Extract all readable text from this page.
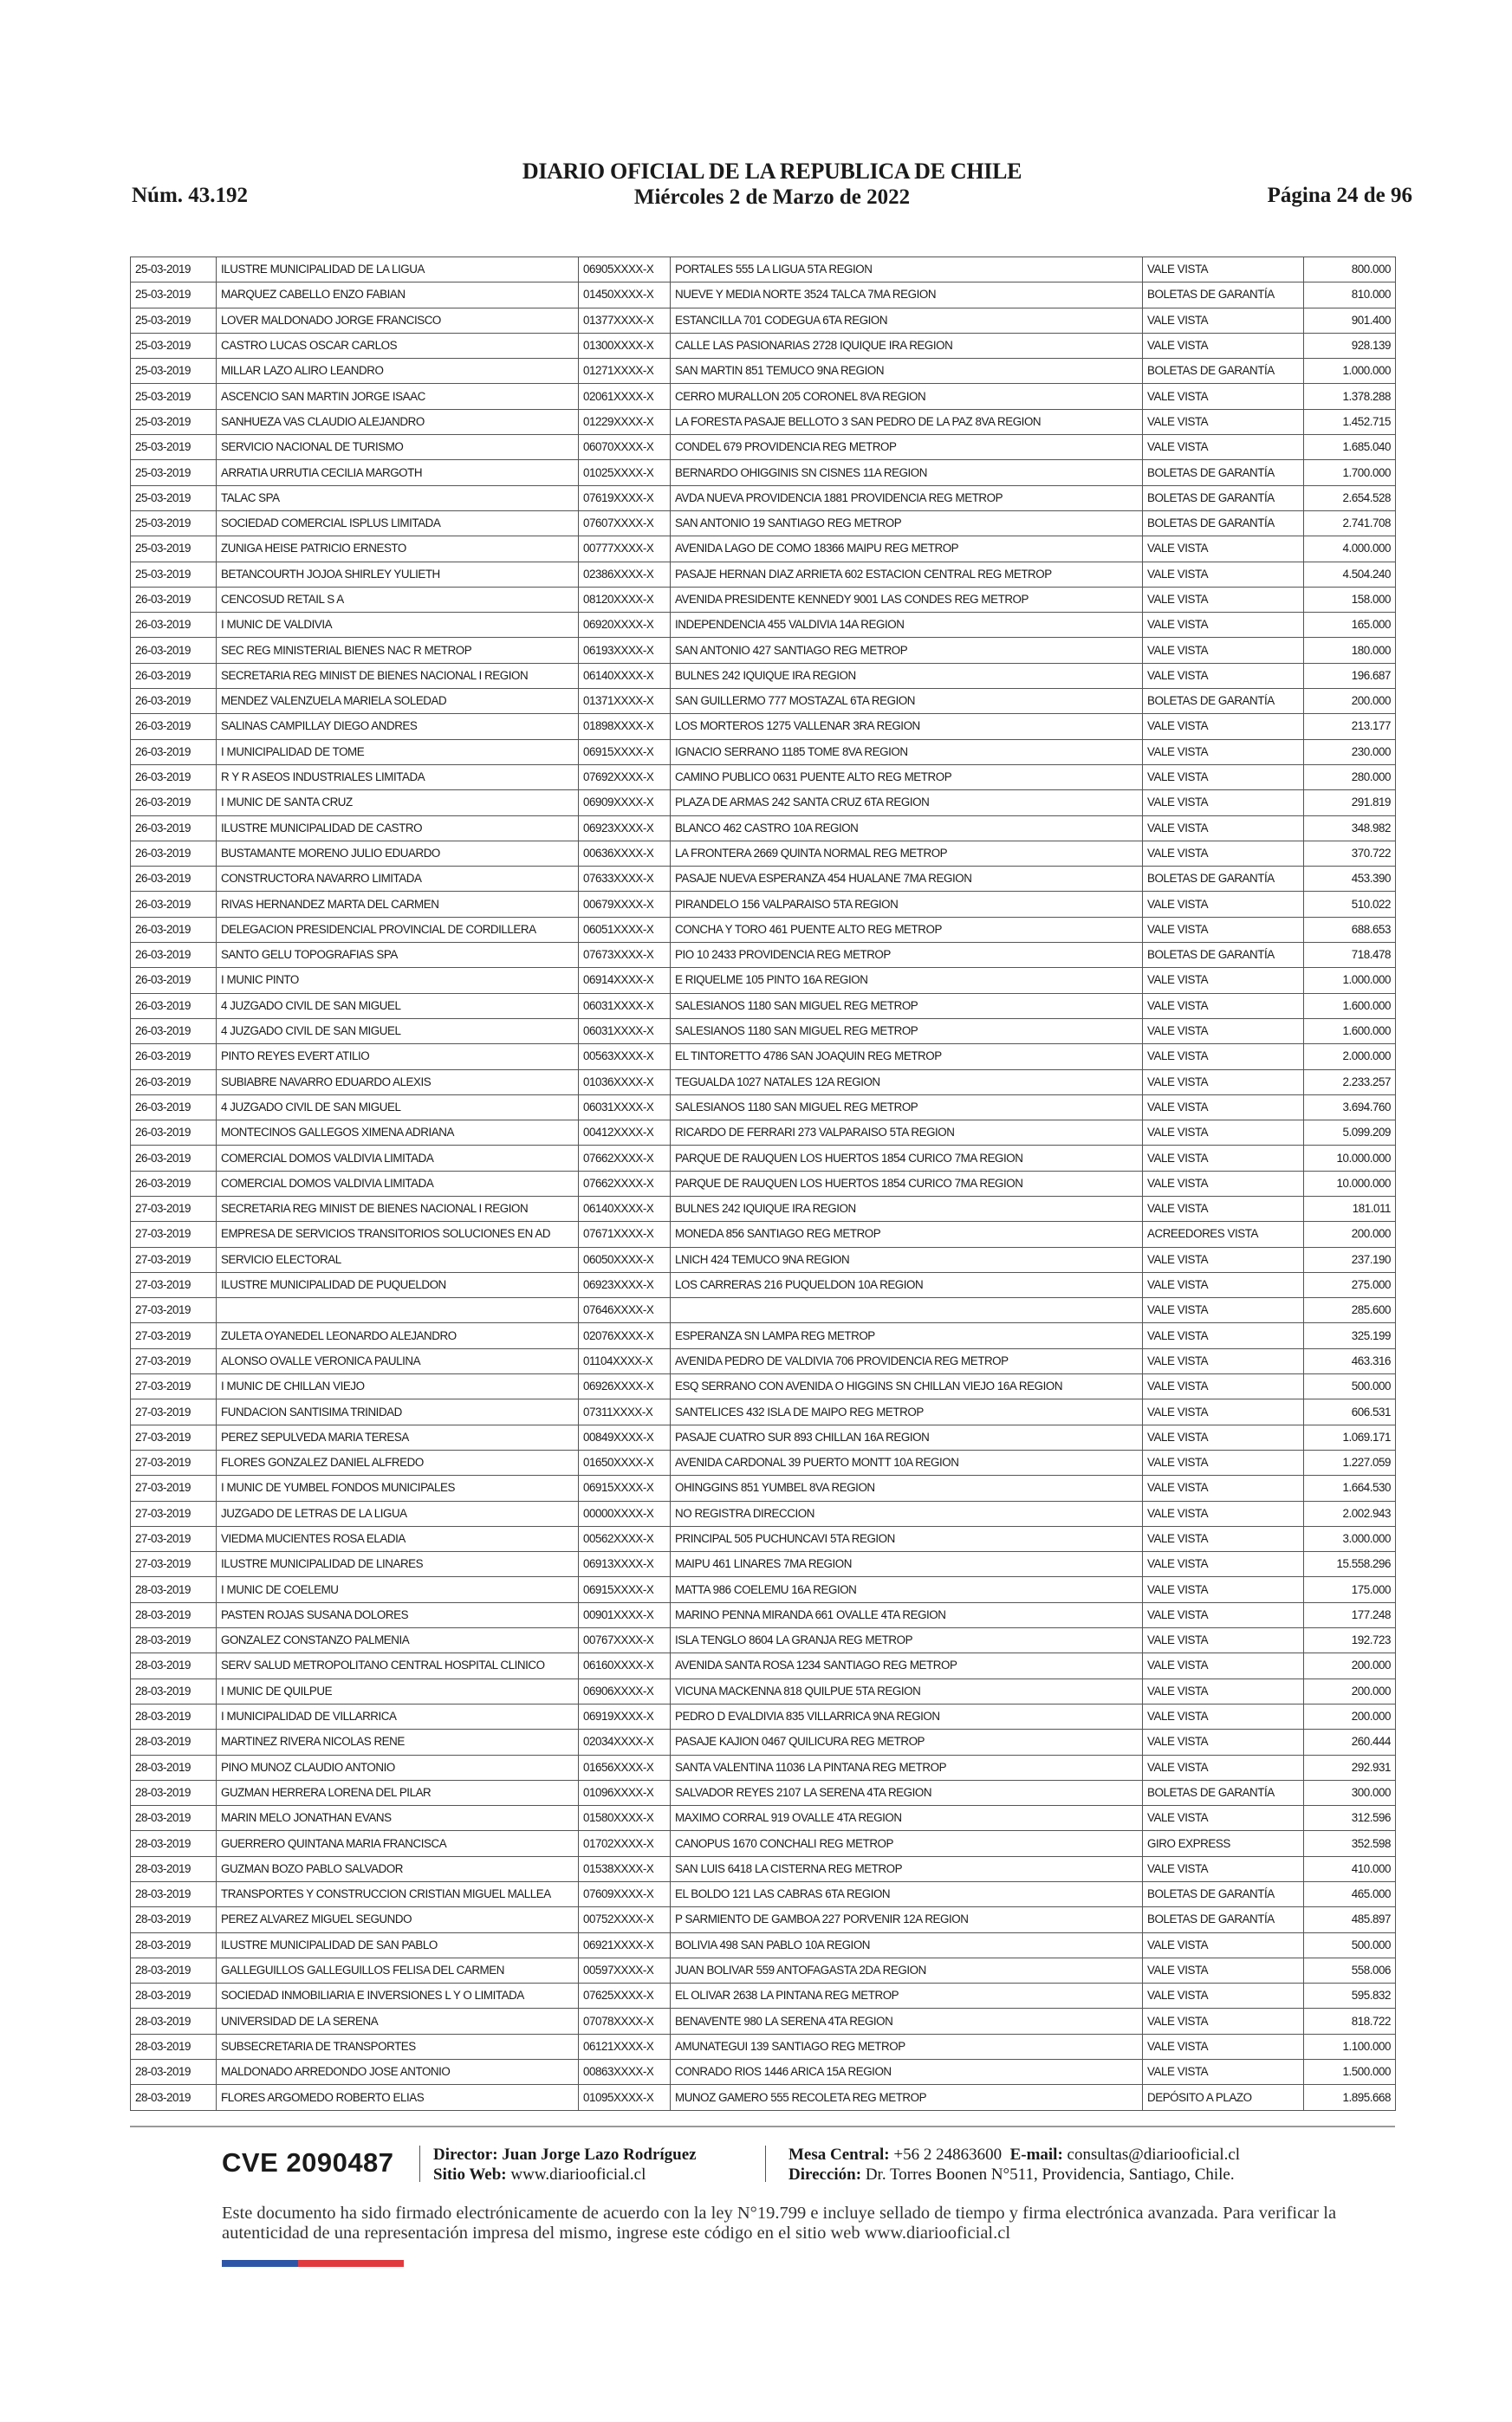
DIARIO OFICIAL DE LA REPUBLICA DE CHILE
Miércoles 2 de Marzo de 2022
Núm. 43.192	Página 24 de 96
25-03-2019	ILUSTRE MUNICIPALIDAD DE LA LIGUA	06905XXXX-X	PORTALES 555 LA LIGUA 5TA REGION	VALE VISTA	800.000
25-03-2019	MARQUEZ CABELLO ENZO FABIAN	01450XXXX-X	NUEVE Y MEDIA NORTE 3524 TALCA 7MA REGION	BOLETAS DE GARANTÍA	810.000
25-03-2019	LOVER MALDONADO JORGE FRANCISCO	01377XXXX-X	ESTANCILLA 701 CODEGUA 6TA REGION	VALE VISTA	901.400
25-03-2019	CASTRO LUCAS OSCAR CARLOS	01300XXXX-X	CALLE LAS PASIONARIAS 2728 IQUIQUE IRA REGION	VALE VISTA	928.139
25-03-2019	MILLAR LAZO ALIRO LEANDRO	01271XXXX-X	SAN MARTIN 851 TEMUCO 9NA REGION	BOLETAS DE GARANTÍA	1.000.000
25-03-2019	ASCENCIO SAN MARTIN JORGE ISAAC	02061XXXX-X	CERRO MURALLON 205 CORONEL 8VA REGION	VALE VISTA	1.378.288
25-03-2019	SANHUEZA VAS CLAUDIO ALEJANDRO	01229XXXX-X	LA FORESTA PASAJE BELLOTO 3 SAN PEDRO DE LA PAZ 8VA REGION	VALE VISTA	1.452.715
25-03-2019	SERVICIO NACIONAL DE TURISMO	06070XXXX-X	CONDEL 679 PROVIDENCIA REG METROP	VALE VISTA	1.685.040
25-03-2019	ARRATIA URRUTIA CECILIA MARGOTH	01025XXXX-X	BERNARDO OHIGGINIS SN CISNES 11A REGION	BOLETAS DE GARANTÍA	1.700.000
25-03-2019	TALAC SPA	07619XXXX-X	AVDA NUEVA PROVIDENCIA 1881 PROVIDENCIA REG METROP	BOLETAS DE GARANTÍA	2.654.528
25-03-2019	SOCIEDAD COMERCIAL ISPLUS LIMITADA	07607XXXX-X	SAN ANTONIO 19 SANTIAGO REG METROP	BOLETAS DE GARANTÍA	2.741.708
25-03-2019	ZUNIGA HEISE PATRICIO ERNESTO	00777XXXX-X	AVENIDA LAGO DE COMO 18366 MAIPU REG METROP	VALE VISTA	4.000.000
25-03-2019	BETANCOURTH JOJOA SHIRLEY YULIETH	02386XXXX-X	PASAJE HERNAN DIAZ ARRIETA 602 ESTACION CENTRAL REG METROP	VALE VISTA	4.504.240
26-03-2019	CENCOSUD RETAIL S A	08120XXXX-X	AVENIDA PRESIDENTE KENNEDY 9001 LAS CONDES REG METROP	VALE VISTA	158.000
26-03-2019	I MUNIC DE VALDIVIA	06920XXXX-X	INDEPENDENCIA 455 VALDIVIA 14A REGION	VALE VISTA	165.000
26-03-2019	SEC REG MINISTERIAL BIENES NAC R METROP	06193XXXX-X	SAN ANTONIO 427 SANTIAGO REG METROP	VALE VISTA	180.000
26-03-2019	SECRETARIA REG MINIST DE BIENES NACIONAL I REGION	06140XXXX-X	BULNES 242 IQUIQUE IRA REGION	VALE VISTA	196.687
26-03-2019	MENDEZ VALENZUELA MARIELA SOLEDAD	01371XXXX-X	SAN GUILLERMO 777 MOSTAZAL 6TA REGION	BOLETAS DE GARANTÍA	200.000
26-03-2019	SALINAS CAMPILLAY DIEGO ANDRES	01898XXXX-X	LOS MORTEROS 1275 VALLENAR 3RA REGION	VALE VISTA	213.177
26-03-2019	I MUNICIPALIDAD DE TOME	06915XXXX-X	IGNACIO SERRANO 1185 TOME 8VA REGION	VALE VISTA	230.000
26-03-2019	R Y R ASEOS INDUSTRIALES LIMITADA	07692XXXX-X	CAMINO PUBLICO 0631 PUENTE ALTO REG METROP	VALE VISTA	280.000
26-03-2019	I MUNIC DE SANTA CRUZ	06909XXXX-X	PLAZA DE ARMAS 242 SANTA CRUZ 6TA REGION	VALE VISTA	291.819
26-03-2019	ILUSTRE MUNICIPALIDAD DE CASTRO	06923XXXX-X	BLANCO 462 CASTRO 10A REGION	VALE VISTA	348.982
26-03-2019	BUSTAMANTE MORENO JULIO EDUARDO	00636XXXX-X	LA FRONTERA 2669 QUINTA NORMAL REG METROP	VALE VISTA	370.722
26-03-2019	CONSTRUCTORA NAVARRO LIMITADA	07633XXXX-X	PASAJE NUEVA ESPERANZA 454 HUALANE 7MA REGION	BOLETAS DE GARANTÍA	453.390
26-03-2019	RIVAS HERNANDEZ MARTA DEL CARMEN	00679XXXX-X	PIRANDELO 156 VALPARAISO 5TA REGION	VALE VISTA	510.022
26-03-2019	DELEGACION PRESIDENCIAL PROVINCIAL DE CORDILLERA	06051XXXX-X	CONCHA Y TORO 461 PUENTE ALTO REG METROP	VALE VISTA	688.653
26-03-2019	SANTO GELU TOPOGRAFIAS SPA	07673XXXX-X	PIO 10 2433 PROVIDENCIA REG METROP	BOLETAS DE GARANTÍA	718.478
26-03-2019	I MUNIC PINTO	06914XXXX-X	E RIQUELME 105 PINTO 16A REGION	VALE VISTA	1.000.000
26-03-2019	4 JUZGADO CIVIL DE SAN MIGUEL	06031XXXX-X	SALESIANOS 1180 SAN MIGUEL REG METROP	VALE VISTA	1.600.000
26-03-2019	4 JUZGADO CIVIL DE SAN MIGUEL	06031XXXX-X	SALESIANOS 1180 SAN MIGUEL REG METROP	VALE VISTA	1.600.000
26-03-2019	PINTO REYES EVERT ATILIO	00563XXXX-X	EL TINTORETTO 4786 SAN JOAQUIN REG METROP	VALE VISTA	2.000.000
26-03-2019	SUBIABRE NAVARRO EDUARDO ALEXIS	01036XXXX-X	TEGUALDA 1027 NATALES 12A REGION	VALE VISTA	2.233.257
26-03-2019	4 JUZGADO CIVIL DE SAN MIGUEL	06031XXXX-X	SALESIANOS 1180 SAN MIGUEL REG METROP	VALE VISTA	3.694.760
26-03-2019	MONTECINOS GALLEGOS XIMENA ADRIANA	00412XXXX-X	RICARDO DE FERRARI 273 VALPARAISO 5TA REGION	VALE VISTA	5.099.209
26-03-2019	COMERCIAL DOMOS VALDIVIA LIMITADA	07662XXXX-X	PARQUE DE RAUQUEN LOS HUERTOS 1854 CURICO 7MA REGION	VALE VISTA	10.000.000
26-03-2019	COMERCIAL DOMOS VALDIVIA LIMITADA	07662XXXX-X	PARQUE DE RAUQUEN LOS HUERTOS 1854 CURICO 7MA REGION	VALE VISTA	10.000.000
27-03-2019	SECRETARIA REG MINIST DE BIENES NACIONAL I REGION	06140XXXX-X	BULNES 242 IQUIQUE IRA REGION	VALE VISTA	181.011
27-03-2019	EMPRESA DE SERVICIOS TRANSITORIOS SOLUCIONES EN AD	07671XXXX-X	MONEDA 856 SANTIAGO REG METROP	ACREEDORES VISTA	200.000
27-03-2019	SERVICIO ELECTORAL	06050XXXX-X	LNICH 424 TEMUCO 9NA REGION	VALE VISTA	237.190
27-03-2019	ILUSTRE MUNICIPALIDAD DE PUQUELDON	06923XXXX-X	LOS CARRERAS 216 PUQUELDON 10A REGION	VALE VISTA	275.000
27-03-2019		07646XXXX-X		VALE VISTA	285.600
27-03-2019	ZULETA OYANEDEL LEONARDO ALEJANDRO	02076XXXX-X	ESPERANZA SN LAMPA REG METROP	VALE VISTA	325.199
27-03-2019	ALONSO OVALLE VERONICA PAULINA	01104XXXX-X	AVENIDA PEDRO DE VALDIVIA 706 PROVIDENCIA REG METROP	VALE VISTA	463.316
27-03-2019	I MUNIC DE CHILLAN VIEJO	06926XXXX-X	ESQ SERRANO CON AVENIDA O HIGGINS SN CHILLAN VIEJO 16A REGION	VALE VISTA	500.000
27-03-2019	FUNDACION SANTISIMA TRINIDAD	07311XXXX-X	SANTELICES 432 ISLA DE MAIPO REG METROP	VALE VISTA	606.531
27-03-2019	PEREZ SEPULVEDA MARIA TERESA	00849XXXX-X	PASAJE CUATRO SUR 893 CHILLAN 16A REGION	VALE VISTA	1.069.171
27-03-2019	FLORES GONZALEZ DANIEL ALFREDO	01650XXXX-X	AVENIDA CARDONAL 39 PUERTO MONTT 10A REGION	VALE VISTA	1.227.059
27-03-2019	I MUNIC DE YUMBEL FONDOS MUNICIPALES	06915XXXX-X	OHINGGINS 851 YUMBEL 8VA REGION	VALE VISTA	1.664.530
27-03-2019	JUZGADO DE LETRAS DE LA LIGUA	00000XXXX-X	NO REGISTRA DIRECCION	VALE VISTA	2.002.943
27-03-2019	VIEDMA MUCIENTES ROSA ELADIA	00562XXXX-X	PRINCIPAL 505 PUCHUNCAVI 5TA REGION	VALE VISTA	3.000.000
27-03-2019	ILUSTRE MUNICIPALIDAD DE LINARES	06913XXXX-X	MAIPU 461 LINARES 7MA REGION	VALE VISTA	15.558.296
28-03-2019	I MUNIC DE COELEMU	06915XXXX-X	MATTA 986 COELEMU 16A REGION	VALE VISTA	175.000
28-03-2019	PASTEN ROJAS SUSANA DOLORES	00901XXXX-X	MARINO PENNA MIRANDA 661 OVALLE 4TA REGION	VALE VISTA	177.248
28-03-2019	GONZALEZ CONSTANZO PALMENIA	00767XXXX-X	ISLA TENGLO 8604 LA GRANJA REG METROP	VALE VISTA	192.723
28-03-2019	SERV SALUD METROPOLITANO CENTRAL HOSPITAL CLINICO	06160XXXX-X	AVENIDA SANTA ROSA 1234 SANTIAGO REG METROP	VALE VISTA	200.000
28-03-2019	I MUNIC DE QUILPUE	06906XXXX-X	VICUNA MACKENNA 818 QUILPUE 5TA REGION	VALE VISTA	200.000
28-03-2019	I MUNICIPALIDAD DE VILLARRICA	06919XXXX-X	PEDRO D EVALDIVIA 835 VILLARRICA 9NA REGION	VALE VISTA	200.000
28-03-2019	MARTINEZ RIVERA NICOLAS RENE	02034XXXX-X	PASAJE KAJION 0467 QUILICURA REG METROP	VALE VISTA	260.444
28-03-2019	PINO MUNOZ CLAUDIO ANTONIO	01656XXXX-X	SANTA VALENTINA 11036 LA PINTANA REG METROP	VALE VISTA	292.931
28-03-2019	GUZMAN HERRERA LORENA DEL PILAR	01096XXXX-X	SALVADOR REYES 2107 LA SERENA 4TA REGION	BOLETAS DE GARANTÍA	300.000
28-03-2019	MARIN MELO JONATHAN EVANS	01580XXXX-X	MAXIMO CORRAL 919 OVALLE 4TA REGION	VALE VISTA	312.596
28-03-2019	GUERRERO QUINTANA MARIA FRANCISCA	01702XXXX-X	CANOPUS 1670 CONCHALI REG METROP	GIRO EXPRESS	352.598
28-03-2019	GUZMAN BOZO PABLO SALVADOR	01538XXXX-X	SAN LUIS 6418 LA CISTERNA REG METROP	VALE VISTA	410.000
28-03-2019	TRANSPORTES Y CONSTRUCCION CRISTIAN MIGUEL MALLEA	07609XXXX-X	EL BOLDO 121 LAS CABRAS 6TA REGION	BOLETAS DE GARANTÍA	465.000
28-03-2019	PEREZ ALVAREZ MIGUEL SEGUNDO	00752XXXX-X	P SARMIENTO DE GAMBOA 227 PORVENIR 12A REGION	BOLETAS DE GARANTÍA	485.897
28-03-2019	ILUSTRE MUNICIPALIDAD DE SAN PABLO	06921XXXX-X	BOLIVIA 498 SAN PABLO 10A REGION	VALE VISTA	500.000
28-03-2019	GALLEGUILLOS GALLEGUILLOS FELISA DEL CARMEN	00597XXXX-X	JUAN BOLIVAR 559 ANTOFAGASTA 2DA REGION	VALE VISTA	558.006
28-03-2019	SOCIEDAD INMOBILIARIA E INVERSIONES L Y O LIMITADA	07625XXXX-X	EL OLIVAR 2638 LA PINTANA REG METROP	VALE VISTA	595.832
28-03-2019	UNIVERSIDAD DE LA SERENA	07078XXXX-X	BENAVENTE 980 LA SERENA 4TA REGION	VALE VISTA	818.722
28-03-2019	SUBSECRETARIA DE TRANSPORTES	06121XXXX-X	AMUNATEGUI 139 SANTIAGO REG METROP	VALE VISTA	1.100.000
28-03-2019	MALDONADO ARREDONDO JOSE ANTONIO	00863XXXX-X	CONRADO RIOS 1446 ARICA 15A REGION	VALE VISTA	1.500.000
28-03-2019	FLORES ARGOMEDO ROBERTO ELIAS	01095XXXX-X	MUNOZ GAMERO 555 RECOLETA REG METROP	DEPÓSITO A PLAZO	1.895.668
CVE 2090487 Director: Juan Jorge Lazo Rodríguez
Sitio Web: www.diariooficial.cl
Mesa Central: +56 2 24863600 E-mail: consultas@diariooficial.cl
Dirección: Dr. Torres Boonen N°511, Providencia, Santiago, Chile.
Este documento ha sido firmado electrónicamente de acuerdo con la ley N°19.799 e incluye sellado de tiempo y firma electrónica avanzada. Para verificar la autenticidad de una representación impresa del mismo, ingrese este código en el sitio web www.diariooficial.cl
